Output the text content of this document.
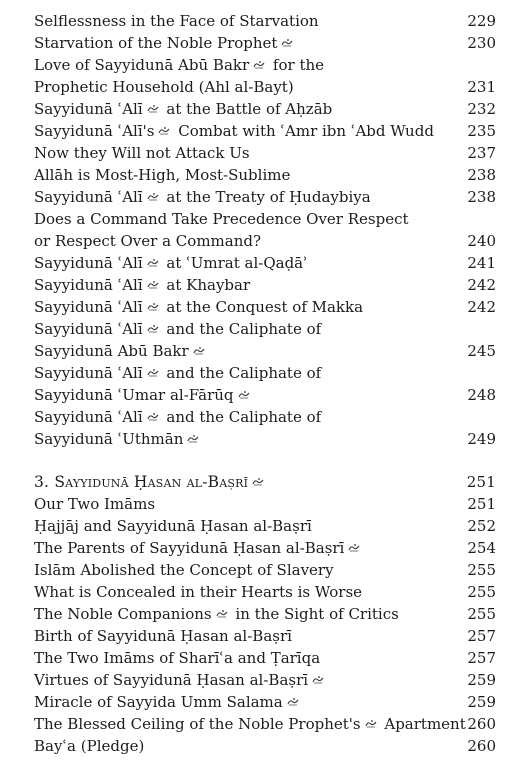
Selflessness in the Face of Starvation	229
Starvation of the Noble Prophet	230
Love of Sayyidunā Abū Bakr
for the
Prophetic Household (Ahl al-Bayt)	231
Sayyidunā ʿAlī
at the Battle of Aḥzāb	232
Sayyidunā ʿAlī's
Combat with ʿAmr ibn ʿAbd Wudd 235
Now they Will not Attack Us	237
Allāh is Most-High, Most-Sublime	238
Sayyidunā ʿAlī
at the Treaty of Ḥudaybiya	238
Does a Command Take Precedence Over Respect
or Respect Over a Command?	240
Sayyidunā ʿAlī
at ʿUmrat al-Qaḍāʾ	241
Sayyidunā ʿAlī
at Khaybar	242
Sayyidunā ʿAlī
at the Conquest of Makka	242
Sayyidunā ʿAlī
and the Caliphate of
Sayyidunā Abū Bakr	245
Sayyidunā ʿAlī
and the Caliphate of
Sayyidunā ʿUmar al-Fārūq	248
Sayyidunā ʿAlī
and the Caliphate of
Sayyidunā ʿUthmān	249
3. Sayyidunā Ḥasan al-Baṣrī	251
Our Two Imāms	251
Ḥajjāj and Sayyidunā Ḥasan al-Baṣrī	252
The Parents of Sayyidunā Ḥasan al-Baṣrī	254
Islām Abolished the Concept of Slavery	255
What is Concealed in their Hearts is Worse	255
The Noble Companions
in the Sight of Critics	255
Birth of Sayyidunā Ḥasan al-Baṣrī	257
The Two Imāms of Sharīʿa and Ṭarīqa	257
Virtues of Sayyidunā Ḥasan al-Baṣrī	259
Miracle of Sayyida Umm Salama	259
The Blessed Ceiling of the Noble Prophet's
Apartment 260
Bayʿa (Pledge)	260
